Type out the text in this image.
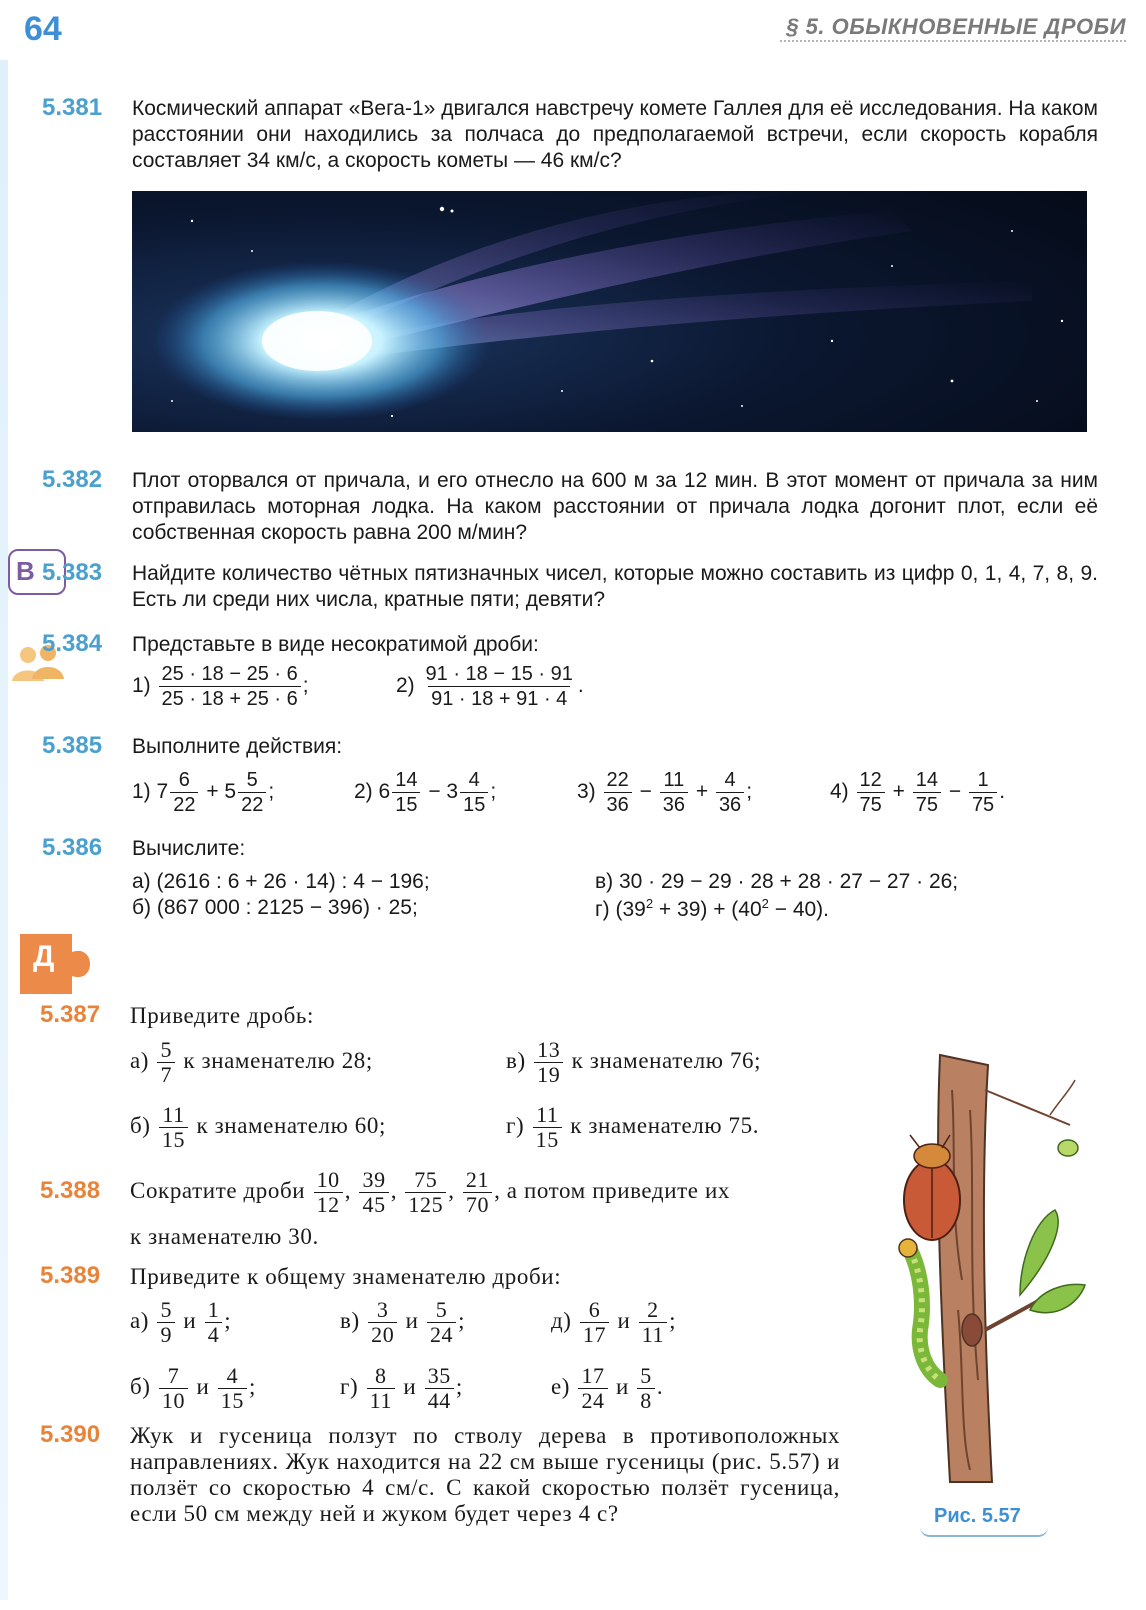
64	§ 5. ОБЫКНОВЕННЫЕ ДРОБИ
5.381 Космический аппарат «Вега-1» двигался навстречу комете Галлея для её исследования. На каком расстоянии они находились за полчаса до предполагаемой встречи, если скорость корабля составляет 34 км/с, а скорость кометы — 46 км/с?
5.382 Плот оторвался от причала, и его отнесло на 600 м за 12 мин. В этот момент от причала за ним отправилась моторная лодка. На каком расстоянии от причала лодка догонит плот, если её собственная скорость равна 200 м/мин?
В 5.383 Найдите количество чётных пятизначных чисел, которые можно составить из цифр 0, 1, 4, 7, 8, 9. Есть ли среди них числа, кратные пяти; девяти?
5.384 Представьте в виде несократимой дроби:
$1) \frac{25 \cdot 18 - 25 \cdot 6}{25 \cdot 18 + 25 \cdot 6}$ ;	$2) \frac{91 \cdot 18 - 15 \cdot 91}{91 \cdot 18 + 91 \cdot 4}$ .
5.385 Выполните действия:
1) $7 \frac{6}{22} + 5 \frac{5}{22}$ ;	2) $6 \frac{14}{15} - 3 \frac{4}{15}$ ;	$3) \frac{22}{36} - \frac{11}{36} + \frac{4}{36}$ ;	$4) \frac{12}{75} + \frac{14}{75} - \frac{1}{75}$ .
5.386 Вычислите:
а) (2616 : 6 + 26 · 14) : 4 − 196;
б) (867 000 : 2125 − 396) · 25;
в) 30 · 29 − 29 · 28 + 28 · 27 − 27 · 26;
г) $(39^2 + 39) + (40^2 - 40)$.
Д
5.387 Приведите дробь:
$а) \frac{5}{7}$ к знаменателю 28;	$в) \frac{13}{19}$ к знаменателю 76;
$б) \frac{11}{15}$ к знаменателю 60;	$г) \frac{11}{15}$ к знаменателю 75.
5.388 Сократите дроби $\frac{10}{12}$ , $\frac{39}{45}$ , $\frac{75}{125}$ , $\frac{21}{70}$ , а потом приведите их
к знаменателю 30.
5.389 Приведите к общему знаменателю дроби:
$а) \frac{5}{9}$ и $\frac{1}{4}$ ;	$в) \frac{3}{20}$ и $\frac{5}{24}$ ;	$д) \frac{6}{17}$ и $\frac{2}{11}$ ;
$б) \frac{7}{10}$ и $\frac{4}{15}$ ;	$г) \frac{8}{11}$ и $\frac{35}{44}$ ;	$е) \frac{17}{24}$ и $\frac{5}{8}$ .
5.390 Жук и гусеница ползут по стволу дерева в противоположных направлениях. Жук находится на 22 см выше гусеницы (рис. 5.57) и ползёт со скоростью 4 см/с. С какой скоростью ползёт гусеница, если 50 см между ней и жуком будет через 4 с?	Рис. 5.57
